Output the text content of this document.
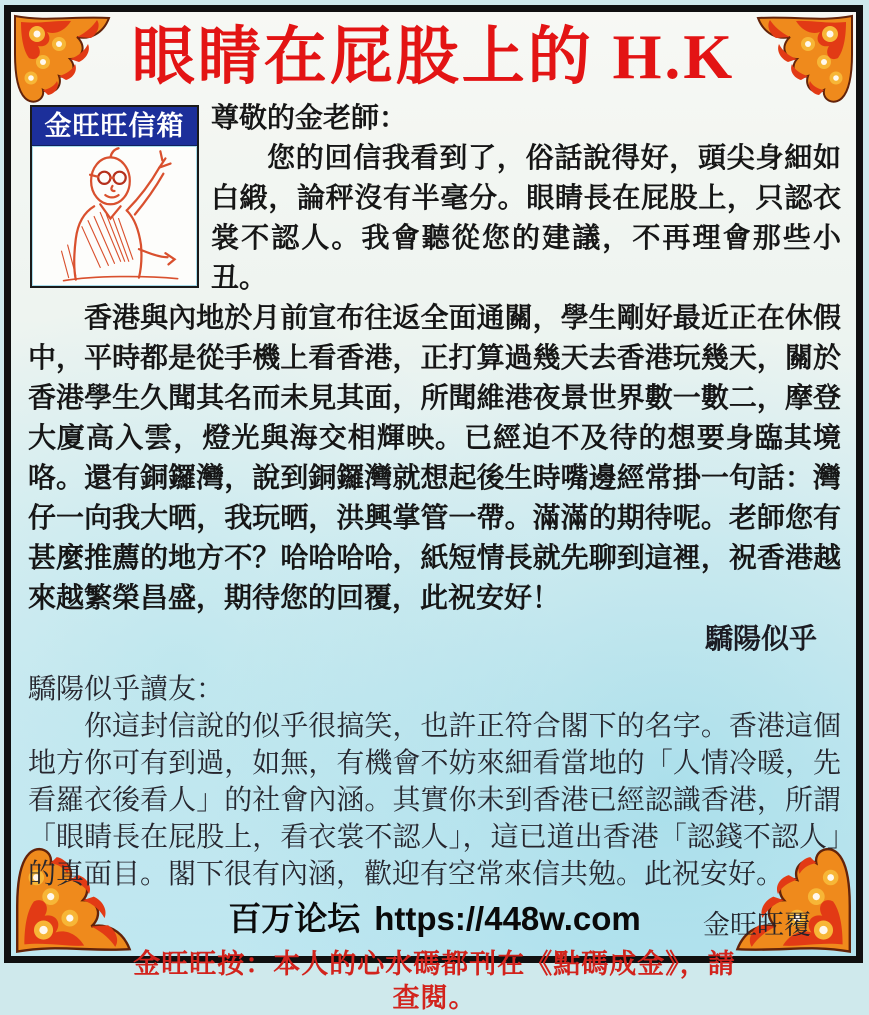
眼睛在屁股上的 H.K
金旺旺信箱 尊敬的金老師：

您的回信我看到了，俗話說得好，頭尖身細如白緞，論秤沒有半毫分。眼睛長在屁股上，只認衣裳不認人。我會聽從您的建議，不再理會那些小丑。

香港與內地於月前宣布往返全面通關，學生剛好最近正在休假中，平時都是從手機上看香港，正打算過幾天去香港玩幾天，關於香港學生久聞其名而未見其面，所聞維港夜景世界數一數二，摩登大廈高入雲，燈光與海交相輝映。已經迫不及待的想要身臨其境咯。還有銅鑼灣，說到銅鑼灣就想起後生時嘴邊經常掛一句話：灣仔一向我大晒，我玩晒，洪興掌管一帶。滿滿的期待呢。老師您有甚麼推薦的地方不？哈哈哈哈，紙短情長就先聊到這裡，祝香港越來越繁榮昌盛，期待您的回覆，此祝安好！

驕陽似乎
驕陽似乎讀友：

你這封信說的似乎很搞笑，也許正符合閣下的名字。香港這個地方你可有到過，如無，有機會不妨來細看當地的「人情冷暖，先看羅衣後看人」的社會內涵。其實你未到香港已經認識香港，所謂「眼睛長在屁股上，看衣裳不認人」，這已道出香港「認錢不認人」的真面目。閣下很有內涵，歡迎有空常來信共勉。此祝安好。

百万论坛 https://448w.com 金旺旺覆
金旺旺按：本人的心水碼都刊在《點碼成金》，請查閱。
